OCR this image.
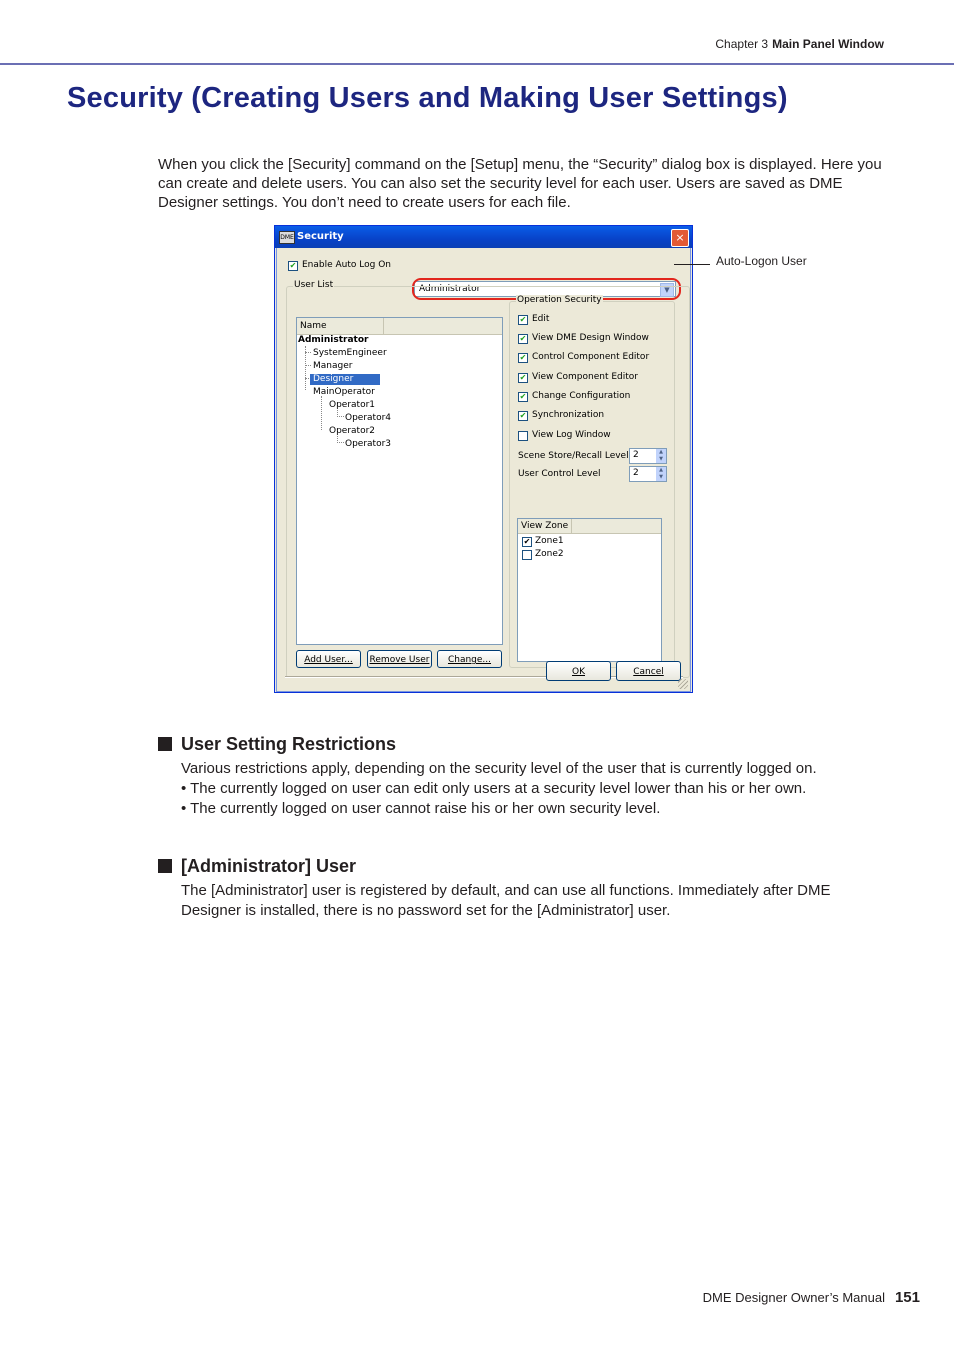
Chapter 3 Main Panel Window
Security (Creating Users and Making User Settings)
When you click the [Security] command on the [Setup] menu, the “Security” dialog box is displayed. Here you can create and delete users. You can also set the security level for each user. Users are saved as DME Designer settings. You don’t need to create users for each file.
DME Security	×
✔ Enable Auto Log On
Administrator	▼
User List
Name
Administrator
SystemEngineer
Manager
Designer
MainOperator
Operator1
Operator4
Operator2
Operator3
Add User...	Remove User	Change...
Operation Security
✔ Edit
✔ View DME Design Window
✔ Control Component Editor
✔ View Component Editor
✔ Change Configuration
✔ Synchronization
View Log Window
Scene Store/Recall Level 2	▲
▼
User Control Level	2	▲
▼
View Zone
✔ Zone1
Zone2
OK	Cancel
Auto-Logon User
User Setting Restrictions

Various restrictions apply, depending on the security level of the user that is currently logged on.

• The currently logged on user can edit only users at a security level lower than his or her own.

• The currently logged on user cannot raise his or her own security level.

[Administrator] User

The [Administrator] user is registered by default, and can use all functions. Immediately after DME Designer is installed, there is no password set for the [Administrator] user.

DME Designer Owner’s Manual 151
